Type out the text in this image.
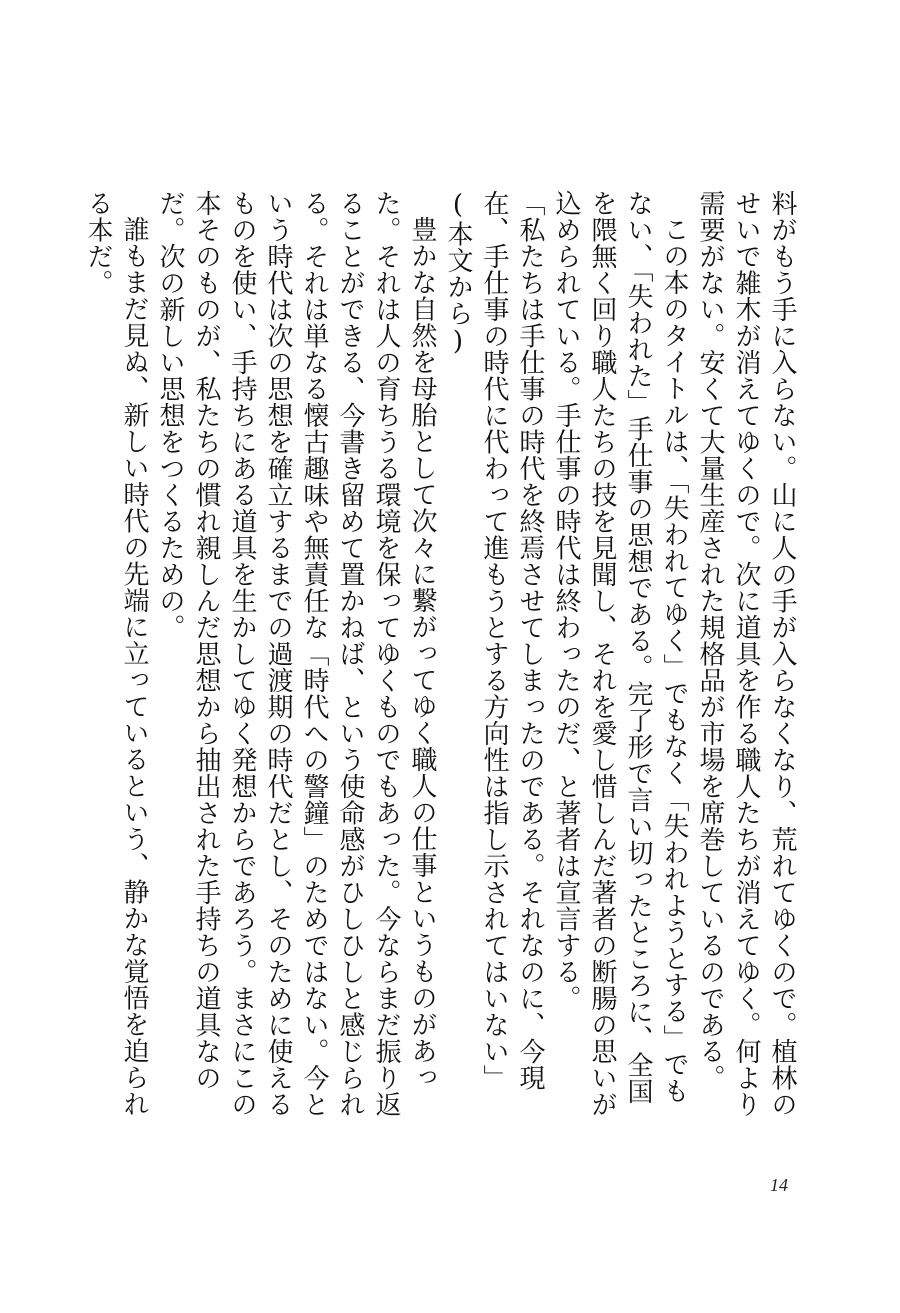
料がもう手に入らない。山に人の手が入らなくなり、荒れてゆくので。植林のせいで雑木が消えてゆくので。次に道具を作る職人たちが消えてゆく。何より需要がない。安くて大量生産された規格品が市場を席巻しているのである。

この本のタイトルは、「失われてゆく」でもなく「失われようとする」でもない、「失われた」手仕事の思想である。完了形で言い切ったところに、全国を隈無く回り職人たちの技を見聞し、それを愛し惜しんだ著者の断腸の思いが込められている。手仕事の時代は終わったのだ、と著者は宣言する。

「私たちは手仕事の時代を終焉させてしまったのである。それなのに、今現在、手仕事の時代に代わって進もうとする方向性は指し示されてはいない」(本文から)

豊かな自然を母胎として次々に繋がってゆく職人の仕事というものがあった。それは人の育ちうる環境を保ってゆくものでもあった。今ならまだ振り返ることができる、今書き留めて置かねば、という使命感がひしひしと感じられる。それは単なる懐古趣味や無責任な「時代への警鐘」のためではない。今という時代は次の思想を確立するまでの過渡期の時代だとし、そのために使えるものを使い、手持ちにある道具を生かしてゆく発想からであろう。まさにこの本そのものが、私たちの慣れ親しんだ思想から抽出された手持ちの道具なのだ。次の新しい思想をつくるための。

誰もまだ見ぬ、新しい時代の先端に立っているという、静かな覚悟を迫られる本だ。

14
